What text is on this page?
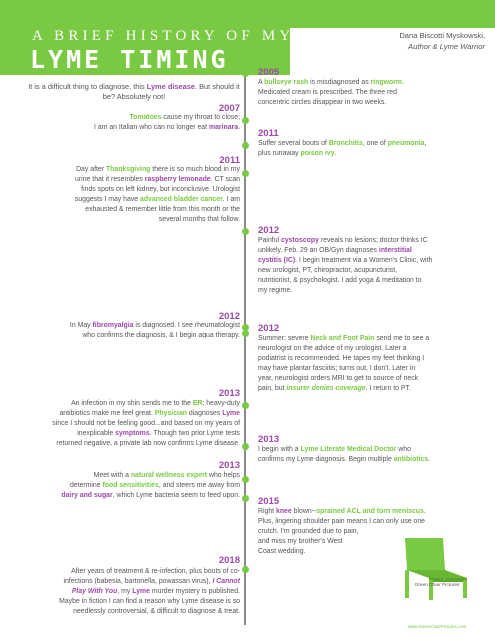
A BRIEF HISTORY OF MY
LYME TIMING
Dana Biscotti Myskowski,
Author & Lyme Warrior
It is a difficult thing to diagnose, this Lyme disease. But should it be? Absolutely not!
2007
Tomatoes cause my throat to close;
I am an Italian who can no longer eat marinara.
2011
Day after Thanksgiving there is so much blood in my
urine that it resembles raspberry lemonade. CT scan
finds spots on left kidney, but inconclusive. Urologist
suggests I may have advanced bladder cancer. I am
exhausted & remember little from this month or the
several months that follow.
2012
In May fibromyalgia is diagnosed. I see rheumatologist
who confirms the diagnosis, & I begin aqua therapy.
2013
An infection in my shin sends me to the ER; heavy-duty
antibiotics make me feel great. Physician diagnoses Lyme
since I should not be feeling good...and based on my years of
inexplicable symptoms. Though two prior Lyme tests
returned negative, a private lab now confirms Lyme disease.
2013
Meet with a natural wellness expert who helps
determine food sensitivities, and steers me away from
dairy and sugar, which Lyme bacteria seem to feed upon.
2018
After years of treatment & re-infection, plus bouts of co-
infections (babesia, bartonella, powassan virus), I Cannot
Play With You, my Lyme murder mystery is published.
Maybe in fiction I can find a reason why Lyme disease is so
needlessly controversial, & difficult to diagnose & treat.
2005
A bullseye rash is misdiagnosed as ringworm.
Medicated cream is prescribed. The three red
concentric circles disappear in two weeks.
2011
Suffer several bouts of Bronchitis, one of pneumonia,
plus runaway poison ivy.
2012
Painful cystoscopy reveals no lesions; doctor thinks IC
unlikely. Feb. 29 an OB/Gyn diagnoses interstitial
cystitis (IC). I begin treatment via a Women's Clinic, with
new urologist, PT, chiropractor, acupuncturist,
nutritionist, & psychologist. I add yoga & meditation to
my regime.
2012
Summer: severe Neck and Foot Pain send me to see a
neurologist on the advice of my urologist. Later a
podiatrist is recommended. He tapes my feet thinking I
may have plantar fasciitis; turns out, I don't. Later in
year, neurologist orders MRI to get to source of neck
pain, but insurer denies coverage. I return to PT.
2013
I begin with a Lyme Literate Medical Doctor who
confirms my Lyme diagnosis. Begin multiple antibiotics.
2015
Right knee blown--sprained ACL and torn meniscus.
Plus, lingering shoulder pain means I can only use one
crutch. I'm grounded due to pain,
and miss my brother's West
Coast wedding.
Green Chair Pictures
www.GreenChairPictures.com
